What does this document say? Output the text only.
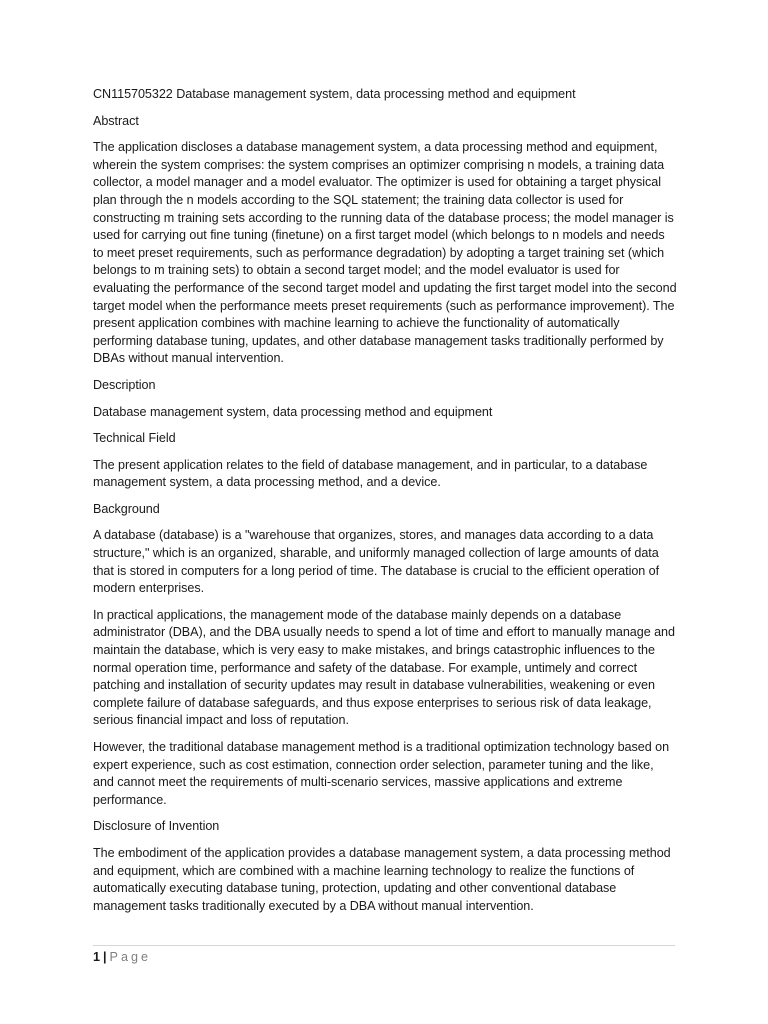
CN115705322 Database management system, data processing method and equipment

Abstract

The application discloses a database management system, a data processing method and equipment, wherein the system comprises: the system comprises an optimizer comprising n models, a training data collector, a model manager and a model evaluator. The optimizer is used for obtaining a target physical plan through the n models according to the SQL statement; the training data collector is used for constructing m training sets according to the running data of the database process; the model manager is used for carrying out fine tuning (finetune) on a first target model (which belongs to n models and needs to meet preset requirements, such as performance degradation) by adopting a target training set (which belongs to m training sets) to obtain a second target model; and the model evaluator is used for evaluating the performance of the second target model and updating the first target model into the second target model when the performance meets preset requirements (such as performance improvement). The present application combines with machine learning to achieve the functionality of automatically performing database tuning, updates, and other database management tasks traditionally performed by DBAs without manual intervention.

Description

Database management system, data processing method and equipment

Technical Field

The present application relates to the field of database management, and in particular, to a database management system, a data processing method, and a device.

Background

A database (database) is a "warehouse that organizes, stores, and manages data according to a data structure," which is an organized, sharable, and uniformly managed collection of large amounts of data that is stored in computers for a long period of time. The database is crucial to the efficient operation of modern enterprises.

In practical applications, the management mode of the database mainly depends on a database administrator (DBA), and the DBA usually needs to spend a lot of time and effort to manually manage and maintain the database, which is very easy to make mistakes, and brings catastrophic influences to the normal operation time, performance and safety of the database. For example, untimely and correct patching and installation of security updates may result in database vulnerabilities, weakening or even complete failure of database safeguards, and thus expose enterprises to serious risk of data leakage, serious financial impact and loss of reputation.

However, the traditional database management method is a traditional optimization technology based on expert experience, such as cost estimation, connection order selection, parameter tuning and the like, and cannot meet the requirements of multi-scenario services, massive applications and extreme performance.

Disclosure of Invention

The embodiment of the application provides a database management system, a data processing method and equipment, which are combined with a machine learning technology to realize the functions of automatically executing database tuning, protection, updating and other conventional database management tasks traditionally executed by a DBA without manual intervention.

1 | Page
